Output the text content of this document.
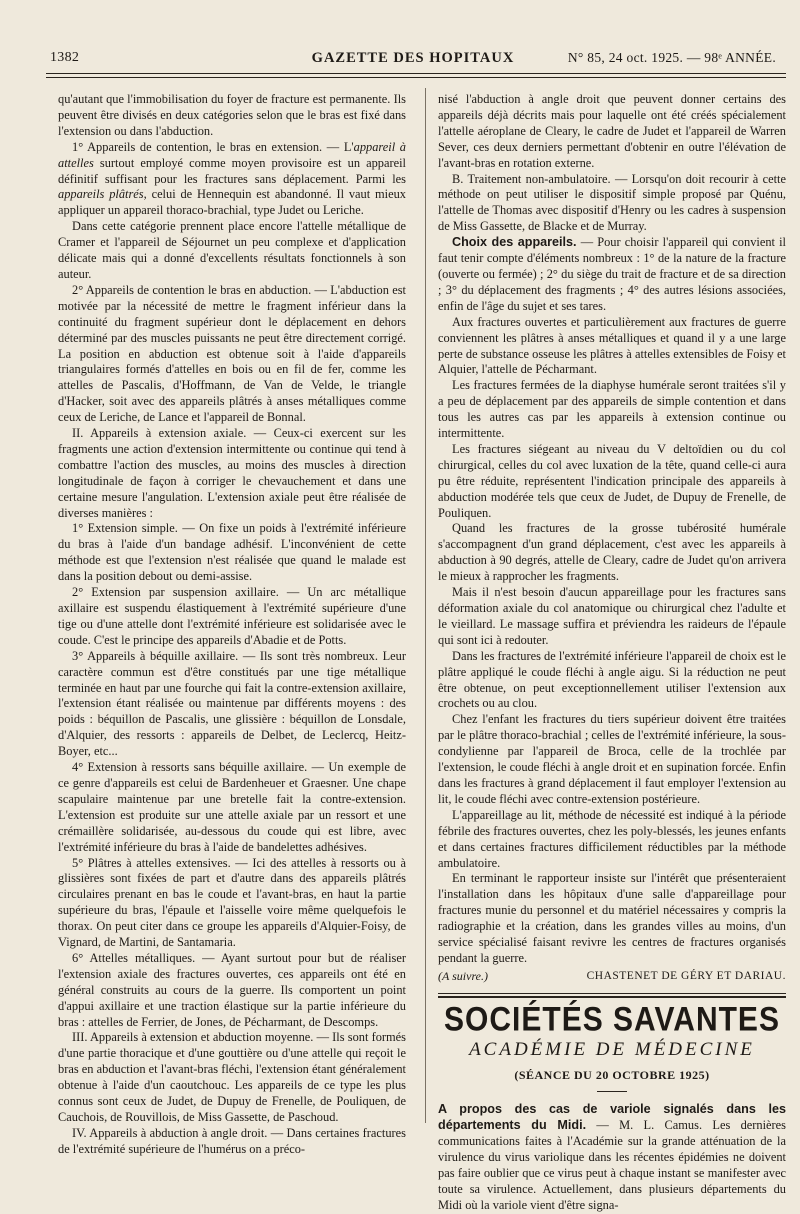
1382	GAZETTE DES HOPITAUX	N° 85, 24 oct. 1925. — 98ᵉ ANNÉE.

qu'autant que l'immobilisation du foyer de fracture est permanente. Ils peuvent être divisés en deux catégories selon que le bras est fixé dans l'extension ou dans l'abduction.

1° Appareils de contention, le bras en extension. — L'appareil à attelles surtout employé comme moyen provisoire est un appareil définitif suffisant pour les fractures sans déplacement. Parmi les appareils plâtrés, celui de Hennequin est abandonné. Il vaut mieux appliquer un appareil thoraco-brachial, type Judet ou Leriche.

Dans cette catégorie prennent place encore l'attelle métallique de Cramer et l'appareil de Séjournet un peu complexe et d'application délicate mais qui a donné d'excellents résultats fonctionnels à son auteur.

2° Appareils de contention le bras en abduction. — L'abduction est motivée par la nécessité de mettre le fragment inférieur dans la continuité du fragment supérieur dont le déplacement en dehors déterminé par des muscles puissants ne peut être directement corrigé. La position en abduction est obtenue soit à l'aide d'appareils triangulaires formés d'attelles en bois ou en fil de fer, comme les attelles de Pascalis, d'Hoffmann, de Van de Velde, le triangle d'Hacker, soit avec des appareils plâtrés à anses métalliques comme ceux de Leriche, de Lance et l'appareil de Bonnal.

II. Appareils à extension axiale. — Ceux-ci exercent sur les fragments une action d'extension intermittente ou continue qui tend à combattre l'action des muscles, au moins des muscles à direction longitudinale de façon à corriger le chevauchement et dans une certaine mesure l'angulation. L'extension axiale peut être réalisée de diverses manières :

1° Extension simple. — On fixe un poids à l'extrémité inférieure du bras à l'aide d'un bandage adhésif. L'inconvénient de cette méthode est que l'extension n'est réalisée que quand le malade est dans la position debout ou demi-assise.

2° Extension par suspension axillaire. — Un arc métallique axillaire est suspendu élastiquement à l'extrémité supérieure d'une tige ou d'une attelle dont l'extrémité inférieure est solidarisée avec le coude. C'est le principe des appareils d'Abadie et de Potts.

3° Appareils à béquille axillaire. — Ils sont très nombreux. Leur caractère commun est d'être constitués par une tige métallique terminée en haut par une fourche qui fait la contre-extension axillaire, l'extension étant réalisée ou maintenue par différents moyens : des poids : béquillon de Pascalis, une glissière : béquillon de Lonsdale, d'Alquier, des ressorts : appareils de Delbet, de Leclercq, Heitz-Boyer, etc...

4° Extension à ressorts sans béquille axillaire. — Un exemple de ce genre d'appareils est celui de Bardenheuer et Graesner. Une chape scapulaire maintenue par une bretelle fait la contre-extension. L'extension est produite sur une attelle axiale par un ressort et une crémaillère solidarisée, au-dessous du coude qui est libre, avec l'extrémité inférieure du bras à l'aide de bandelettes adhésives.

5° Plâtres à attelles extensives. — Ici des attelles à ressorts ou à glissières sont fixées de part et d'autre dans des appareils plâtrés circulaires prenant en bas le coude et l'avant-bras, en haut la partie supérieure du bras, l'épaule et l'aisselle voire même quelquefois le thorax. On peut citer dans ce groupe les appareils d'Alquier-Foisy, de Vignard, de Martini, de Santamaria.

6° Attelles métalliques. — Ayant surtout pour but de réaliser l'extension axiale des fractures ouvertes, ces appareils ont été en général construits au cours de la guerre. Ils comportent un point d'appui axillaire et une traction élastique sur la partie inférieure du bras : attelles de Ferrier, de Jones, de Pécharmant, de Descomps.

III. Appareils à extension et abduction moyenne. — Ils sont formés d'une partie thoracique et d'une gouttière ou d'une attelle qui reçoit le bras en abduction et l'avant-bras fléchi, l'extension étant généralement obtenue à l'aide d'un caoutchouc. Les appareils de ce type les plus connus sont ceux de Judet, de Dupuy de Frenelle, de Pouliquen, de Cauchois, de Rouvillois, de Miss Gassette, de Paschoud.

IV. Appareils à abduction à angle droit. — Dans certaines fractures de l'extrémité supérieure de l'humérus on a préco-

nisé l'abduction à angle droit que peuvent donner certains des appareils déjà décrits mais pour laquelle ont été créés spécialement l'attelle aéroplane de Cleary, le cadre de Judet et l'appareil de Warren Sever, ces deux derniers permettant d'obtenir en outre l'élévation de l'avant-bras en rotation externe.

B. Traitement non-ambulatoire. — Lorsqu'on doit recourir à cette méthode on peut utiliser le dispositif simple proposé par Quénu, l'attelle de Thomas avec dispositif d'Henry ou les cadres à suspension de Miss Gassette, de Blacke et de Murray.

Choix des appareils. — Pour choisir l'appareil qui convient il faut tenir compte d'éléments nombreux : 1° de la nature de la fracture (ouverte ou fermée) ; 2° du siège du trait de fracture et de sa direction ; 3° du déplacement des fragments ; 4° des autres lésions associées, enfin de l'âge du sujet et ses tares.

Aux fractures ouvertes et particulièrement aux fractures de guerre conviennent les plâtres à anses métalliques et quand il y a une large perte de substance osseuse les plâtres à attelles extensibles de Foisy et Alquier, l'attelle de Pécharmant.

Les fractures fermées de la diaphyse humérale seront traitées s'il y a peu de déplacement par des appareils de simple contention et dans tous les autres cas par les appareils à extension continue ou intermittente.

Les fractures siégeant au niveau du V deltoïdien ou du col chirurgical, celles du col avec luxation de la tête, quand celle-ci aura pu être réduite, représentent l'indication principale des appareils à abduction modérée tels que ceux de Judet, de Dupuy de Frenelle, de Pouliquen.

Quand les fractures de la grosse tubérosité humérale s'accompagnent d'un grand déplacement, c'est avec les appareils à abduction à 90 degrés, attelle de Cleary, cadre de Judet qu'on arrivera le mieux à rapprocher les fragments.

Mais il n'est besoin d'aucun appareillage pour les fractures sans déformation axiale du col anatomique ou chirurgical chez l'adulte et le vieillard. Le massage suffira et préviendra les raideurs de l'épaule qui sont ici à redouter.

Dans les fractures de l'extrémité inférieure l'appareil de choix est le plâtre appliqué le coude fléchi à angle aigu. Si la réduction ne peut être obtenue, on peut exceptionnellement utiliser l'extension aux crochets ou au clou.

Chez l'enfant les fractures du tiers supérieur doivent être traitées par le plâtre thoraco-brachial ; celles de l'extrémité inférieure, la sous-condylienne par l'appareil de Broca, celle de la trochlée par l'extension, le coude fléchi à angle droit et en supination forcée. Enfin dans les fractures à grand déplacement il faut employer l'extension au lit, le coude fléchi avec contre-extension postérieure.

L'appareillage au lit, méthode de nécessité est indiqué à la période fébrile des fractures ouvertes, chez les poly-blessés, les jeunes enfants et dans certaines fractures difficilement réductibles par la méthode ambulatoire.

En terminant le rapporteur insiste sur l'intérêt que présenteraient l'installation dans les hôpitaux d'une salle d'appareillage pour fractures munie du personnel et du matériel nécessaires y compris la radiographie et la création, dans les grandes villes au moins, d'un service spécialisé faisant revivre les centres de fractures organisés pendant la guerre.

(A suivre.)	CHASTENET DE GÉRY ET DARIAU.
SOCIÉTÉS SAVANTES
ACADÉMIE DE MÉDECINE
(SÉANCE DU 20 OCTOBRE 1925)

A propos des cas de variole signalés dans les départements du Midi. — M. L. Camus. Les dernières communications faites à l'Académie sur la grande atténuation de la virulence du virus variolique dans les récentes épidémies ne doivent pas faire oublier que ce virus peut à chaque instant se manifester avec toute sa virulence. Actuellement, dans plusieurs départements du Midi où la variole vient d'être signa-
